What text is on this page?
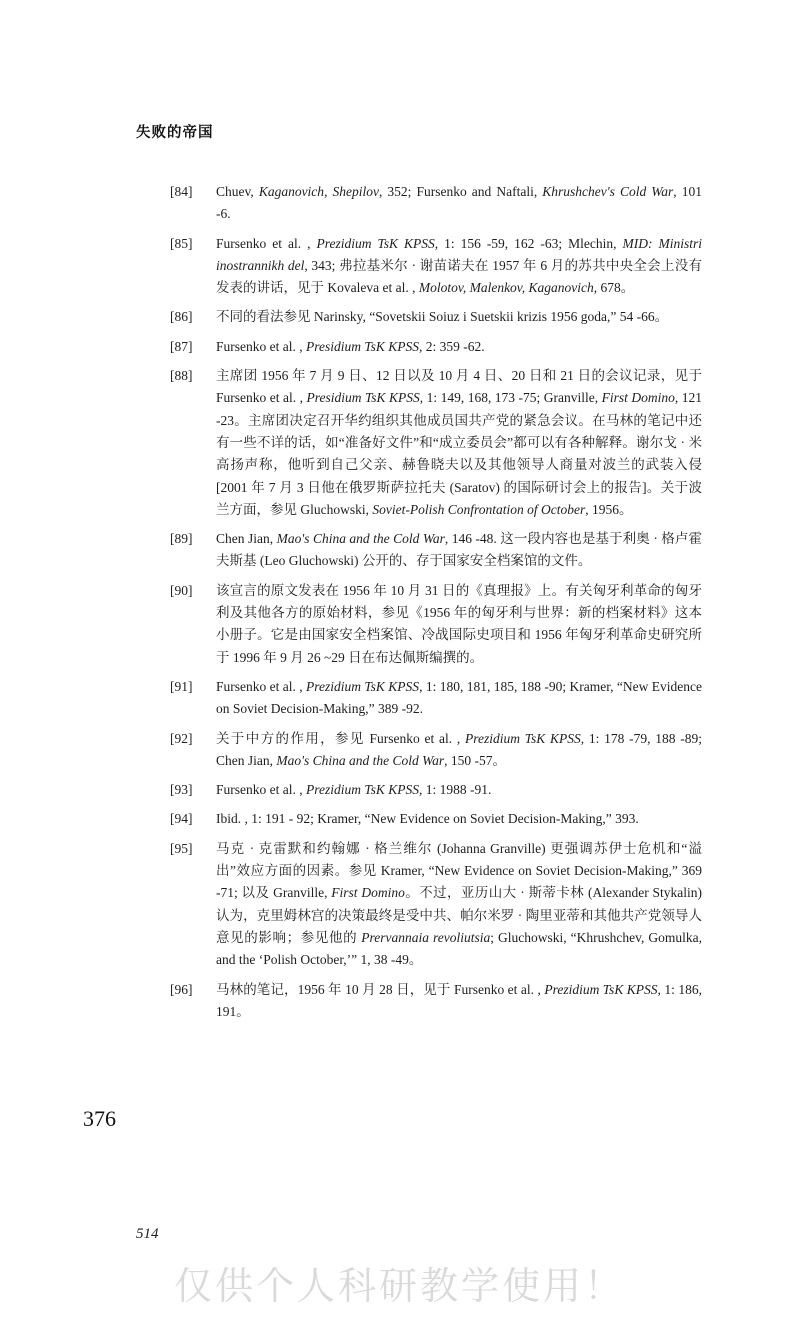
失败的帝国
[84]	Chuev, Kaganovich, Shepilov, 352; Fursenko and Naftali, Khrushchev's Cold War, 101 -6.
[85]	Fursenko et al. , Prezidium TsK KPSS, 1: 156 -59, 162 -63; Mlechin, MID: Ministri inostrannikh del, 343; 弗拉基米尔 · 谢苗诺夫在 1957 年 6 月的苏共中央全会上没有发表的讲话，见于 Kovaleva et al. , Molotov, Malenkov, Kaganovich, 678。
[86]	不同的看法参见 Narinsky, “Sovetskii Soiuz i Suetskii krizis 1956 goda,” 54 -66。
[87]	Fursenko et al. , Presidium TsK KPSS, 2: 359 -62.
[88]	主席团 1956 年 7 月 9 日、12 日以及 10 月 4 日、20 日和 21 日的会议记录，见于 Fursenko et al. , Presidium TsK KPSS, 1: 149, 168, 173 -75; Granville, First Domino, 121 -23。主席团决定召开华约组织其他成员国共产党的紧急会议。在马林的笔记中还有一些不详的话，如“准备好文件”和“成立委员会”都可以有各种解释。谢尔戈 · 米高扬声称，他听到自己父亲、赫鲁晓夫以及其他领导人商量对波兰的武装入侵 [2001 年 7 月 3 日他在俄罗斯萨拉托夫 (Saratov) 的国际研讨会上的报告]。关于波兰方面，参见 Gluchowski, Soviet-Polish Confrontation of October, 1956。
[89]	Chen Jian, Mao's China and the Cold War, 146 -48. 这一段内容也是基于利奥 · 格卢霍夫斯基 (Leo Gluchowski) 公开的、存于国家安全档案馆的文件。
[90]	该宣言的原文发表在 1956 年 10 月 31 日的《真理报》上。有关匈牙利革命的匈牙利及其他各方的原始材料，参见《1956 年的匈牙利与世界：新的档案材料》这本小册子。它是由国家安全档案馆、冷战国际史项目和 1956 年匈牙利革命史研究所于 1996 年 9 月 26 ~29 日在布达佩斯编撰的。
[91]	Fursenko et al. , Prezidium TsK KPSS, 1: 180, 181, 185, 188 -90; Kramer, “New Evidence on Soviet Decision-Making,” 389 -92.
[92]	关于中方的作用，参见 Fursenko et al. , Prezidium TsK KPSS, 1: 178 -79, 188 -89; Chen Jian, Mao's China and the Cold War, 150 -57。
[93]	Fursenko et al. , Prezidium TsK KPSS, 1: 1988 -91.
[94]	Ibid. , 1: 191 - 92; Kramer, “New Evidence on Soviet Decision-Making,” 393.
[95]	马克 · 克雷默和约翰娜 · 格兰维尔 (Johanna Granville) 更强调苏伊士危机和“溢出”效应方面的因素。参见 Kramer, “New Evidence on Soviet Decision-Making,” 369 -71; 以及 Granville, First Domino。不过，亚历山大 · 斯蒂卡林 (Alexander Stykalin) 认为，克里姆林宫的决策最终是受中共、帕尔米罗 · 陶里亚蒂和其他共产党领导人意见的影响；参见他的 Prervannaia revoliutsia; Gluchowski, “Khrushchev, Gomulka, and the ‘Polish October,’” 1, 38 -49。
[96]	马林的笔记，1956 年 10 月 28 日，见于 Fursenko et al. , Prezidium TsK KPSS, 1: 186, 191。
376
514
仅供个人科研教学使用！
